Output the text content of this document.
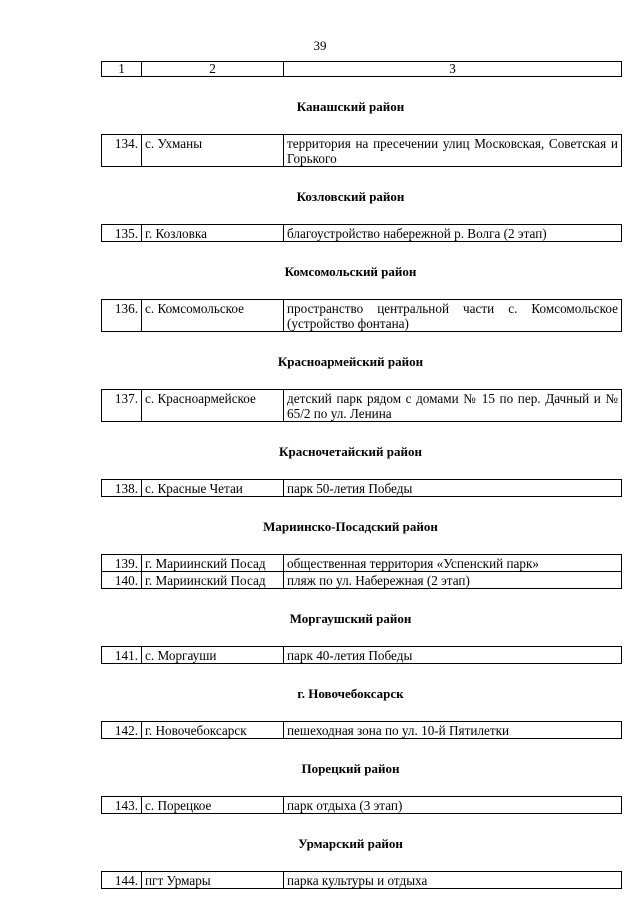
39
1	2	3
Канашский район
134.	с. Ухманы	территория на пресечении улиц Московская, Советская и Горького
Козловский район
135.	г. Козловка	благоустройство набережной р. Волга (2 этап)
Комсомольский район
136.	с. Комсомольское	пространство центральной части с. Комсомольское (устройство фонтана)
Красноармейский район
137.	с. Красноармейское	детский парк рядом с домами № 15 по пер. Дачный и № 65/2 по ул. Ленина
Красночетайский район
138.	с. Красные Четаи	парк 50-летия Победы
Мариинско-Посадский район
139.	г. Мариинский Посад	общественная территория «Успенский парк»
140.	г. Мариинский Посад	пляж по ул. Набережная (2 этап)
Моргаушский район
141.	с. Моргауши	парк 40-летия Победы
г. Новочебоксарск
142.	г. Новочебоксарск	пешеходная зона по ул. 10-й Пятилетки
Порецкий район
143.	с. Порецкое	парк отдыха (3 этап)
Урмарский район
144.	пгт Урмары	парка культуры и отдыха
